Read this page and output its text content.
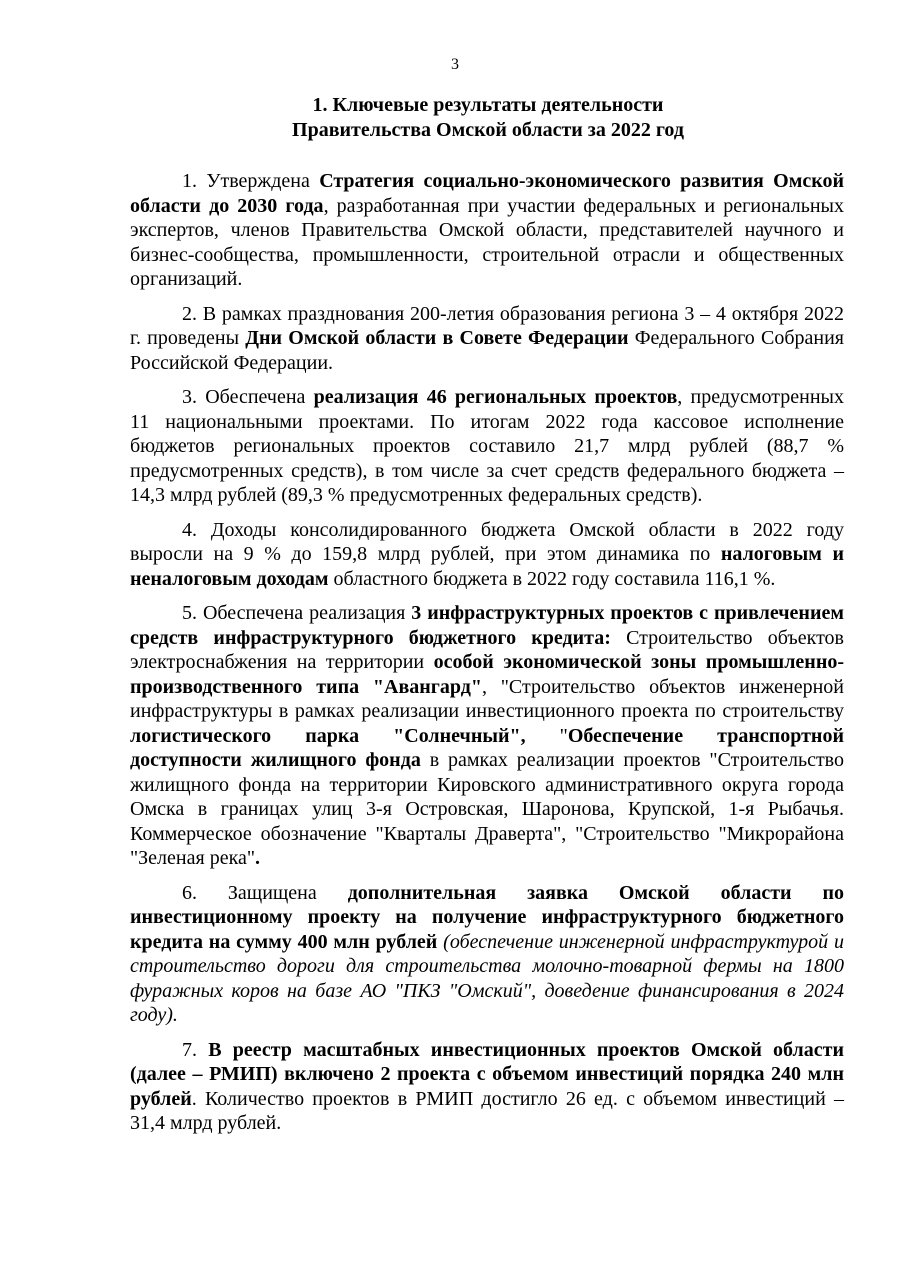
3
1. Ключевые результаты деятельности
Правительства Омской области за 2022 год

1. Утверждена Стратегия социально-экономического развития Омской области до 2030 года, разработанная при участии федеральных и региональных экспертов, членов Правительства Омской области, представителей научного и бизнес-сообщества, промышленности, строительной отрасли и общественных организаций.

2. В рамках празднования 200-летия образования региона 3 – 4 октября 2022 г. проведены Дни Омской области в Совете Федерации Федерального Собрания Российской Федерации.

3. Обеспечена реализация 46 региональных проектов, предусмотренных 11 национальными проектами. По итогам 2022 года кассовое исполнение бюджетов региональных проектов составило 21,7 млрд рублей (88,7 % предусмотренных средств), в том числе за счет средств федерального бюджета – 14,3 млрд рублей (89,3 % предусмотренных федеральных средств).

4. Доходы консолидированного бюджета Омской области в 2022 году выросли на 9 % до 159,8 млрд рублей, при этом динамика по налоговым и неналоговым доходам областного бюджета в 2022 году составила 116,1 %.

5. Обеспечена реализация 3 инфраструктурных проектов с привлечением средств инфраструктурного бюджетного кредита: Строительство объектов электроснабжения на территории особой экономической зоны промышленно-производственного типа "Авангард", "Строительство объектов инженерной инфраструктуры в рамках реализации инвестиционного проекта по строительству логистического парка "Солнечный", "Обеспечение транспортной доступности жилищного фонда в рамках реализации проектов "Строительство жилищного фонда на территории Кировского административного округа города Омска в границах улиц 3-я Островская, Шаронова, Крупской, 1-я Рыбачья. Коммерческое обозначение "Кварталы Дравертa", "Строительство "Микрорайона "Зеленая река".

6. Защищена дополнительная заявка Омской области по инвестиционному проекту на получение инфраструктурного бюджетного кредита на сумму 400 млн рублей (обеспечение инженерной инфраструктурой и строительство дороги для строительства молочно-товарной фермы на 1800 фуражных коров на базе АО "ПКЗ "Омский", доведение финансирования в 2024 году).

7. В реестр масштабных инвестиционных проектов Омской области (далее – РМИП) включено 2 проекта с объемом инвестиций порядка 240 млн рублей. Количество проектов в РМИП достигло 26 ед. с объемом инвестиций – 31,4 млрд рублей.
